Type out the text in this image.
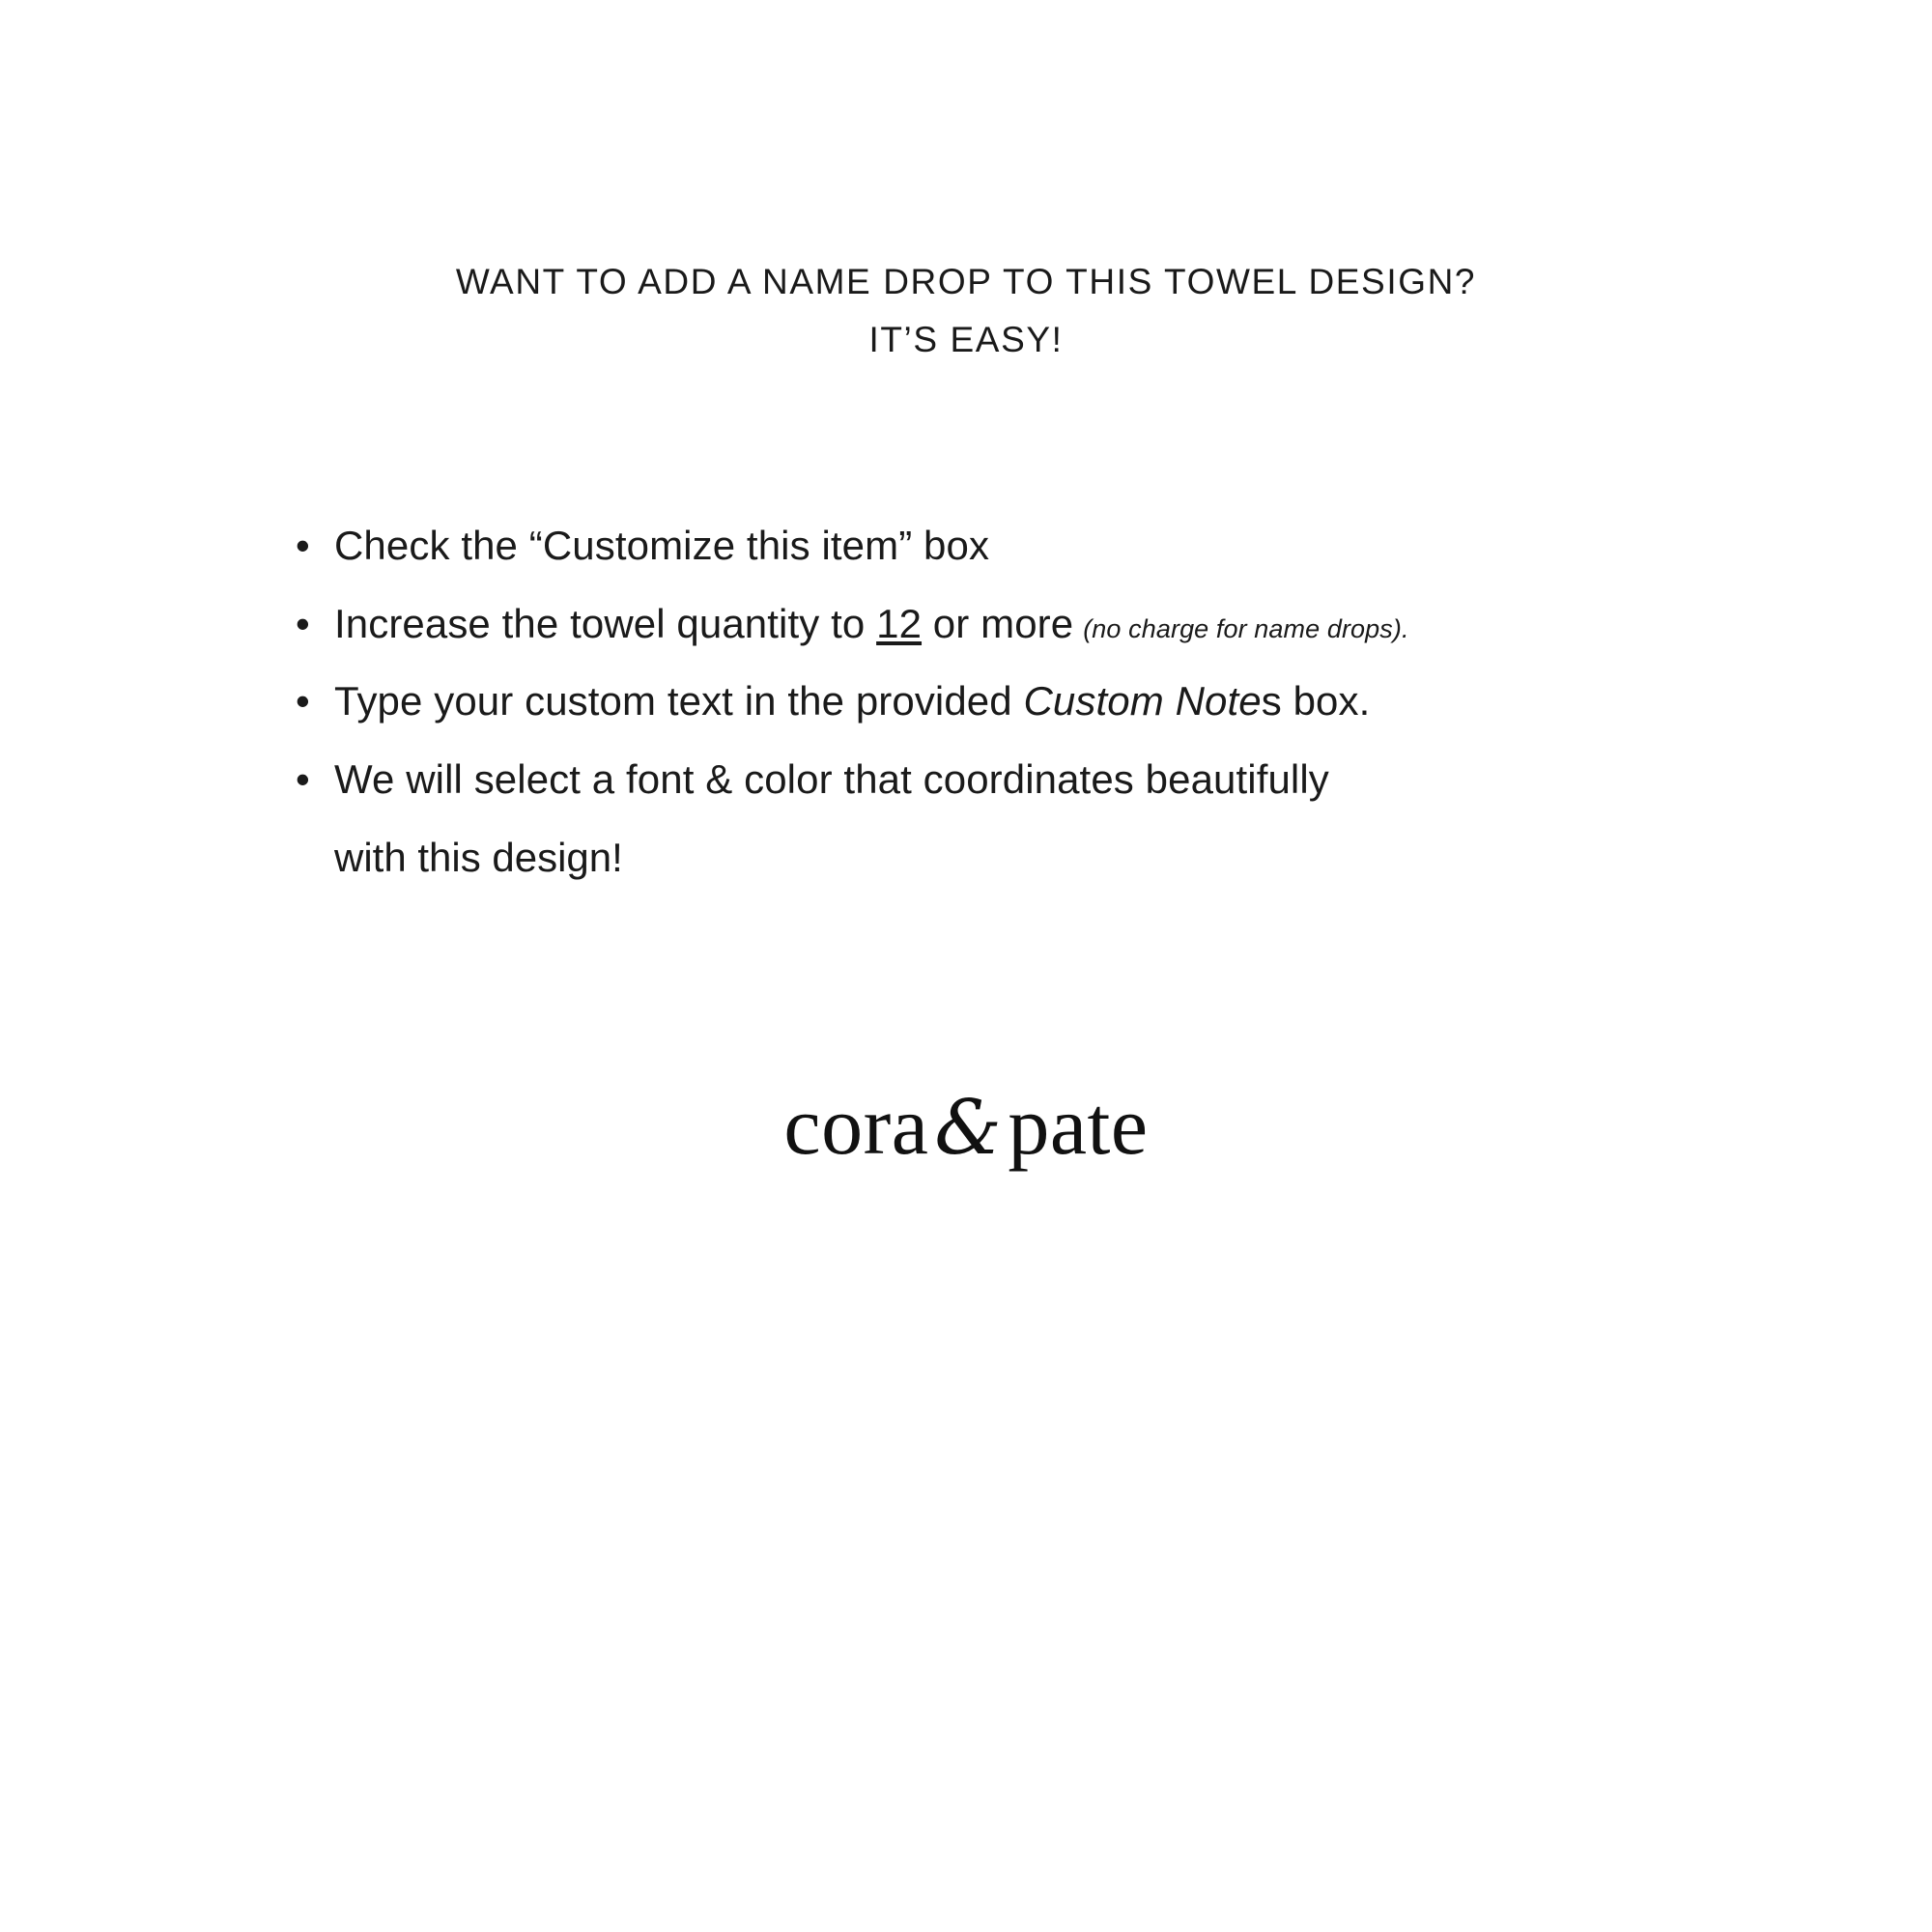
WANT TO ADD A NAME DROP TO THIS TOWEL DESIGN?
IT’S EASY!
• Check the “Customize this item” box
• Increase the towel quantity to 12 or more (no charge for name drops).
• Type your custom text in the provided Custom Notes box.
• We will select a font & color that coordinates beautifully
with this design!
cora&pate
